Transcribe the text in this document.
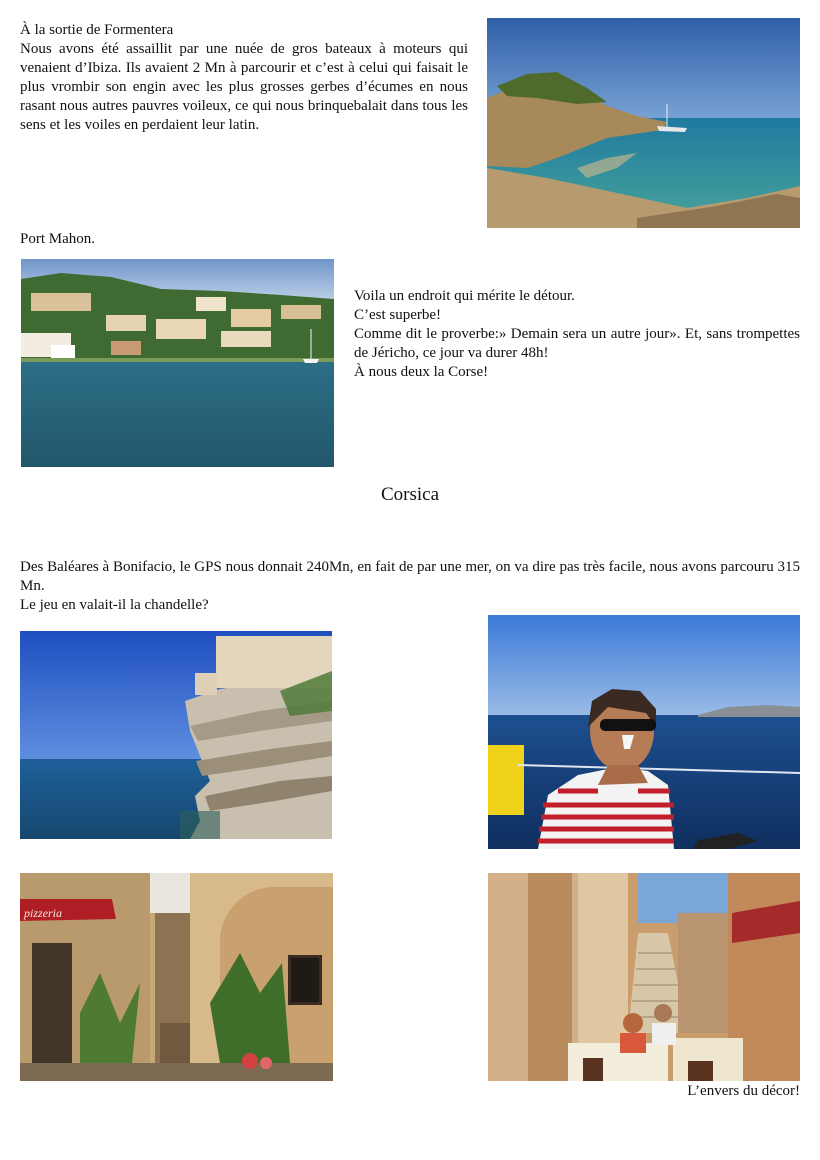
À la sortie de Formentera
Nous avons été assaillit par une nuée de gros bateaux à moteurs qui venaient d’Ibiza. Ils avaient 2 Mn à parcourir et c’est à celui qui faisait le plus vrombir son engin avec les plus grosses gerbes d’écumes en nous rasant nous autres pauvres voileux, ce qui nous brinquebalait dans tous les sens et les voiles en perdaient leur latin.
Port Mahon.
Voila un endroit qui mérite le détour.
C’est superbe!
Comme dit le proverbe:» Demain sera un autre jour». Et, sans trompettes de Jéricho, ce jour va durer 48h!
À nous deux la Corse!
Corsica
Des Baléares à Bonifacio, le GPS nous donnait 240Mn, en fait de par une mer, on va dire pas très facile, nous avons parcouru 315 Mn.
Le jeu en valait-il la chandelle?
pizzeria
L’envers du décor!
